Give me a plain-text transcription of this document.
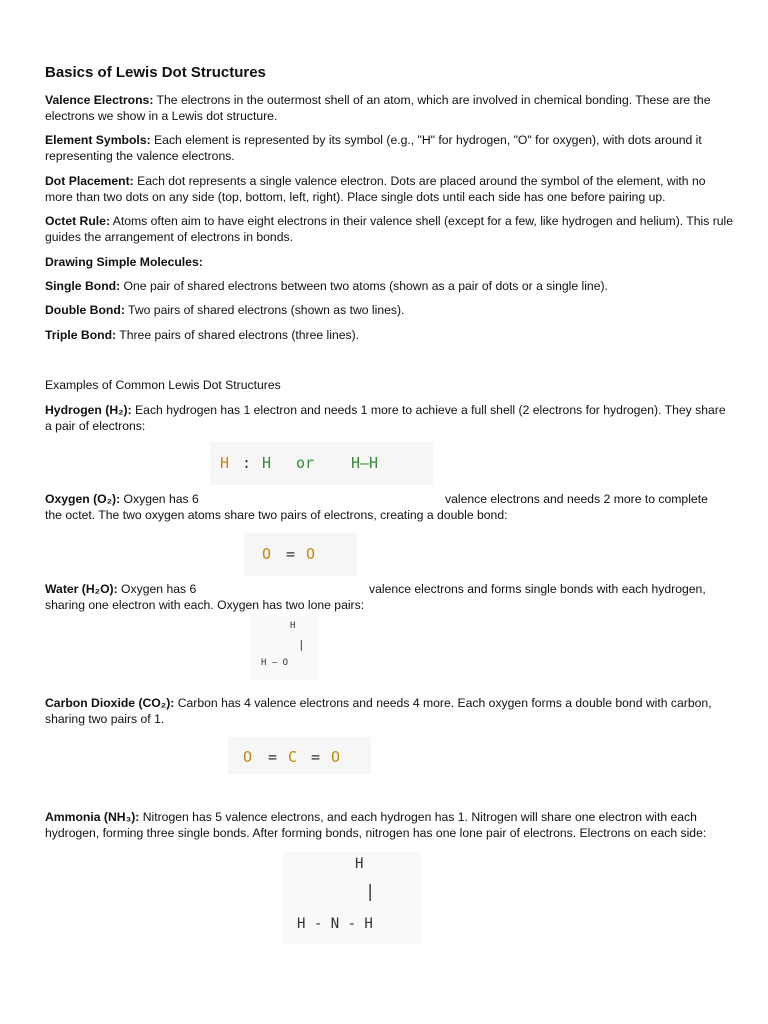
Basics of Lewis Dot Structures
Valence Electrons: The electrons in the outermost shell of an atom, which are involved in chemical bonding. These are the electrons we show in a Lewis dot structure.
Element Symbols: Each element is represented by its symbol (e.g., "H" for hydrogen, "O" for oxygen), with dots around it representing the valence electrons.
Dot Placement: Each dot represents a single valence electron. Dots are placed around the symbol of the element, with no more than two dots on any side (top, bottom, left, right). Place single dots until each side has one before pairing up.
Octet Rule: Atoms often aim to have eight electrons in their valence shell (except for a few, like hydrogen and helium). This rule guides the arrangement of electrons in bonds.
Drawing Simple Molecules:
Single Bond: One pair of shared electrons between two atoms (shown as a pair of dots or a single line).
Double Bond: Two pairs of shared electrons (shown as two lines).
Triple Bond: Three pairs of shared electrons (three lines).
Examples of Common Lewis Dot Structures
Hydrogen (H₂): Each hydrogen has 1 electron and needs 1 more to achieve a full shell (2 electrons for hydrogen). They share a pair of electrons:
H : H or H—H
Oxygen (O₂): Oxygen has 6	valence electrons and needs 2 more to complete
the octet. The two oxygen atoms share two pairs of electrons, creating a double bond:
O = O
Water (H₂O): Oxygen has 6	valence electrons and forms single bonds with each hydrogen,
sharing one electron with each. Oxygen has two lone pairs:
H
|
H — O
Carbon Dioxide (CO₂): Carbon has 4 valence electrons and needs 4 more. Each oxygen forms a double bond with carbon, sharing two pairs of 1.
O = C = O
Ammonia (NH₃): Nitrogen has 5 valence electrons, and each hydrogen has 1. Nitrogen will share one electron with each hydrogen, forming three single bonds. After forming bonds, nitrogen has one lone pair of electrons. Electrons on each side:
H
|
H - N - H
